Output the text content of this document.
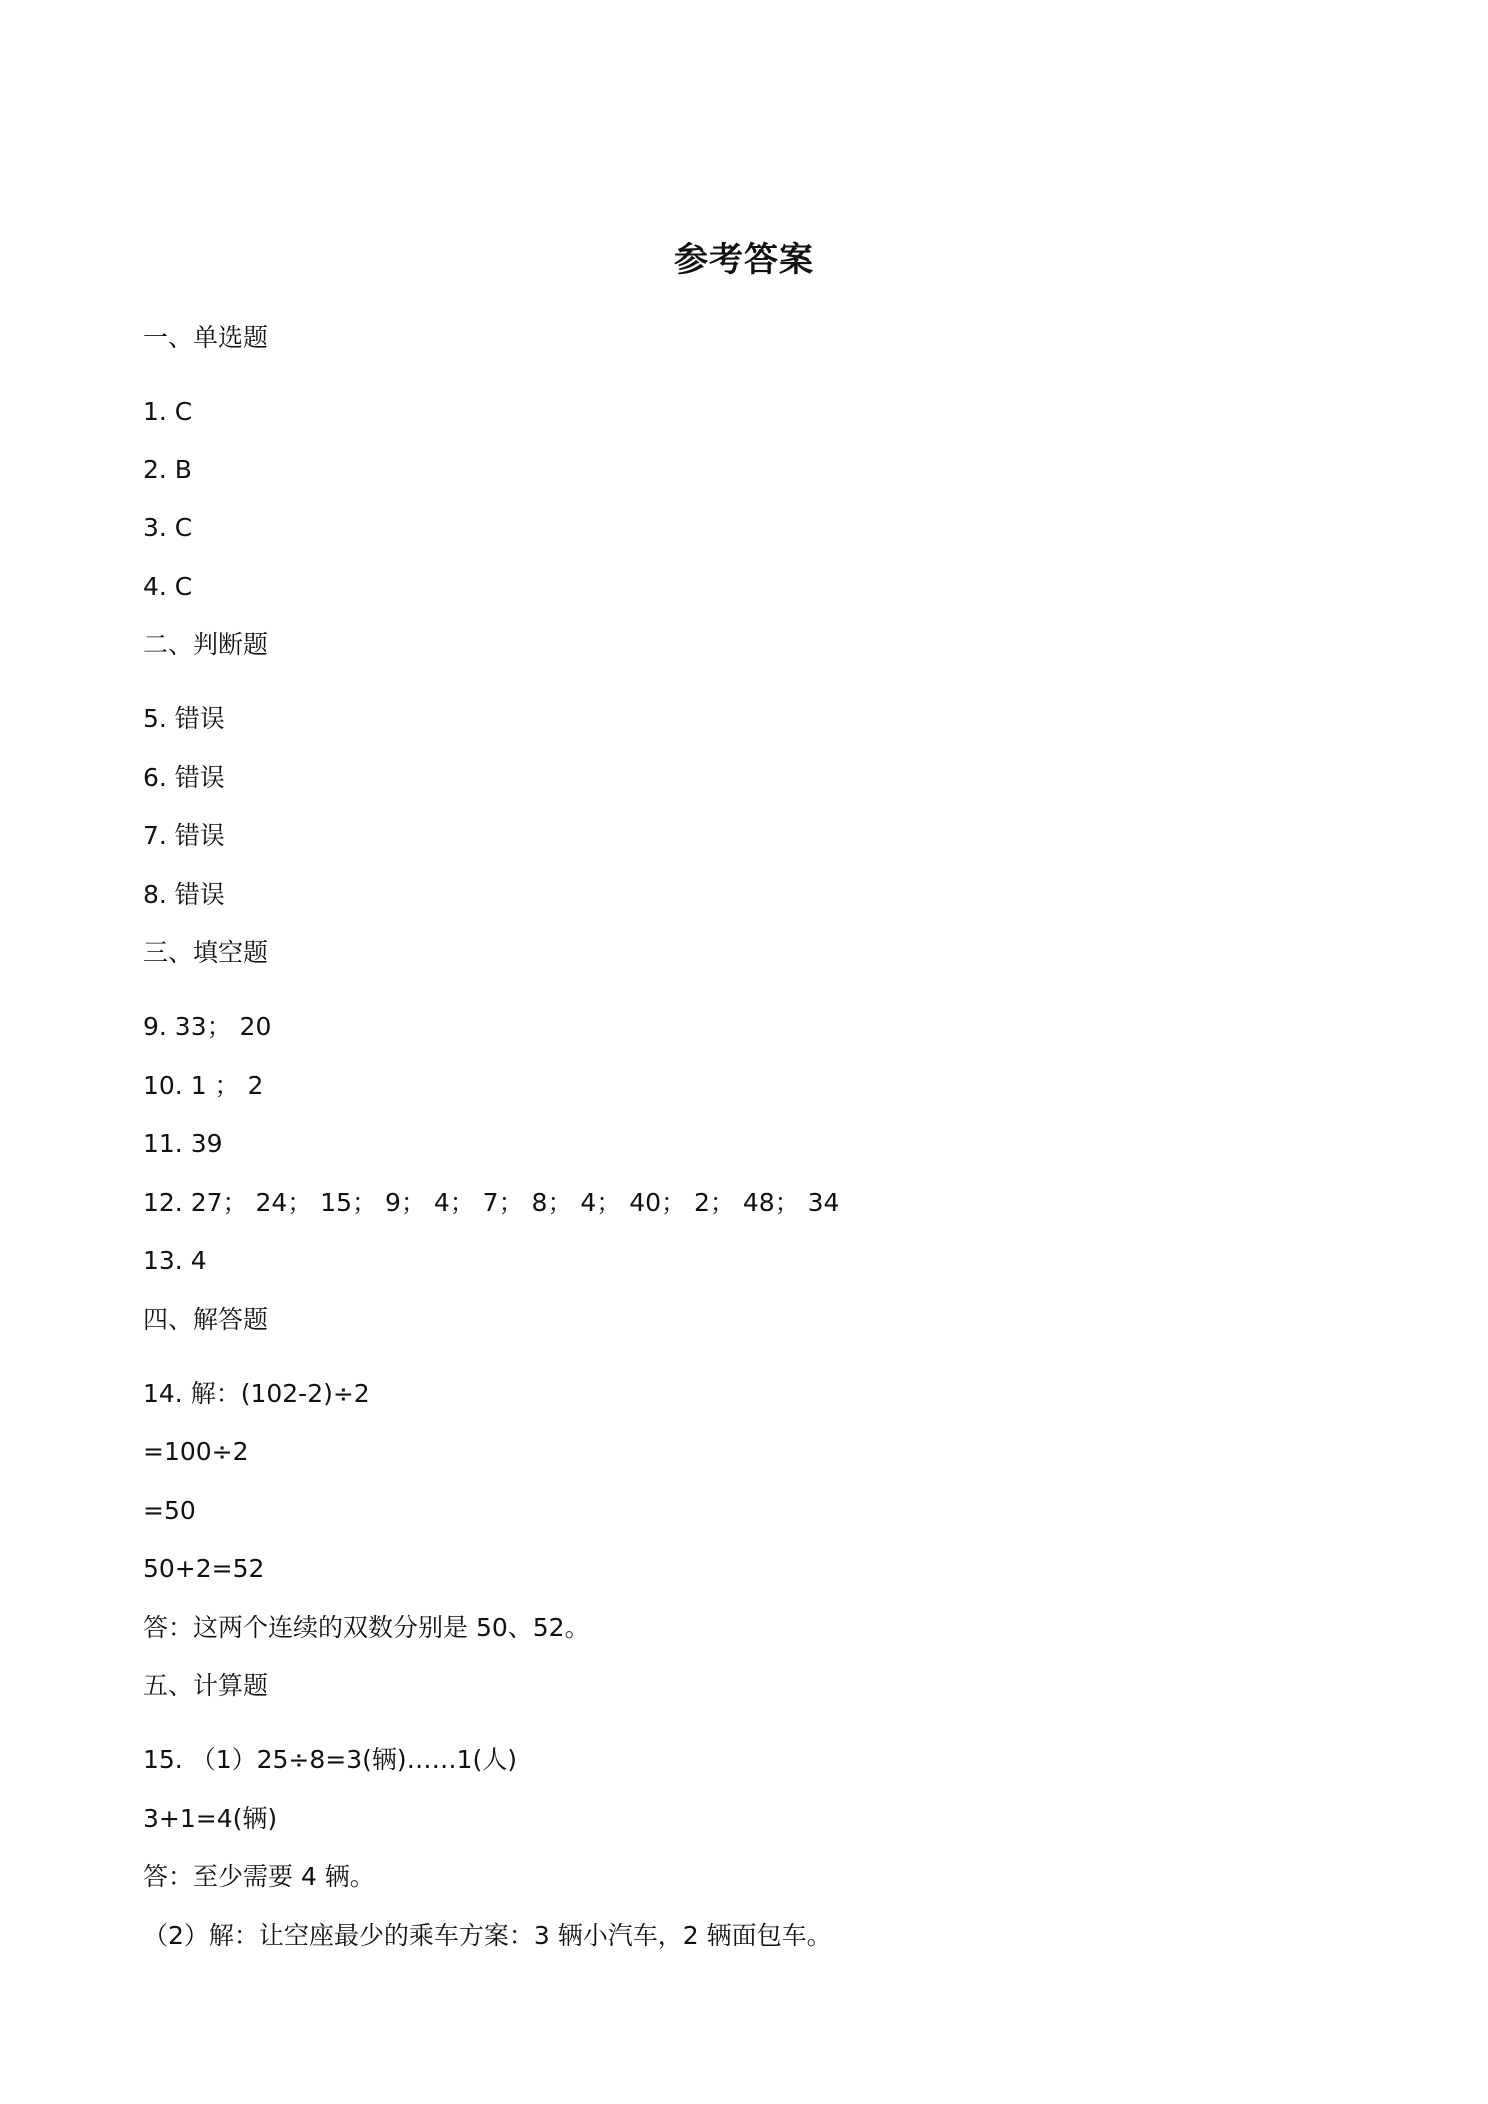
参考答案
一、单选题
1. C
2. B
3. C
4. C
二、判断题
5. 错误
6. 错误
7. 错误
8. 错误
三、填空题
9. 33； 20
10. 1 ； 2
11. 39
12. 27； 24； 15； 9； 4； 7； 8； 4； 40； 2； 48； 34
13. 4
四、解答题
14. 解：(102-2)÷2
=100÷2
=50
50+2=52
答：这两个连续的双数分别是 50、52。
五、计算题
15. （1）25÷8=3(辆)……1(人)
3+1=4(辆)
答：至少需要 4 辆。
（2）解：让空座最少的乘车方案：3 辆小汽车，2 辆面包车。
